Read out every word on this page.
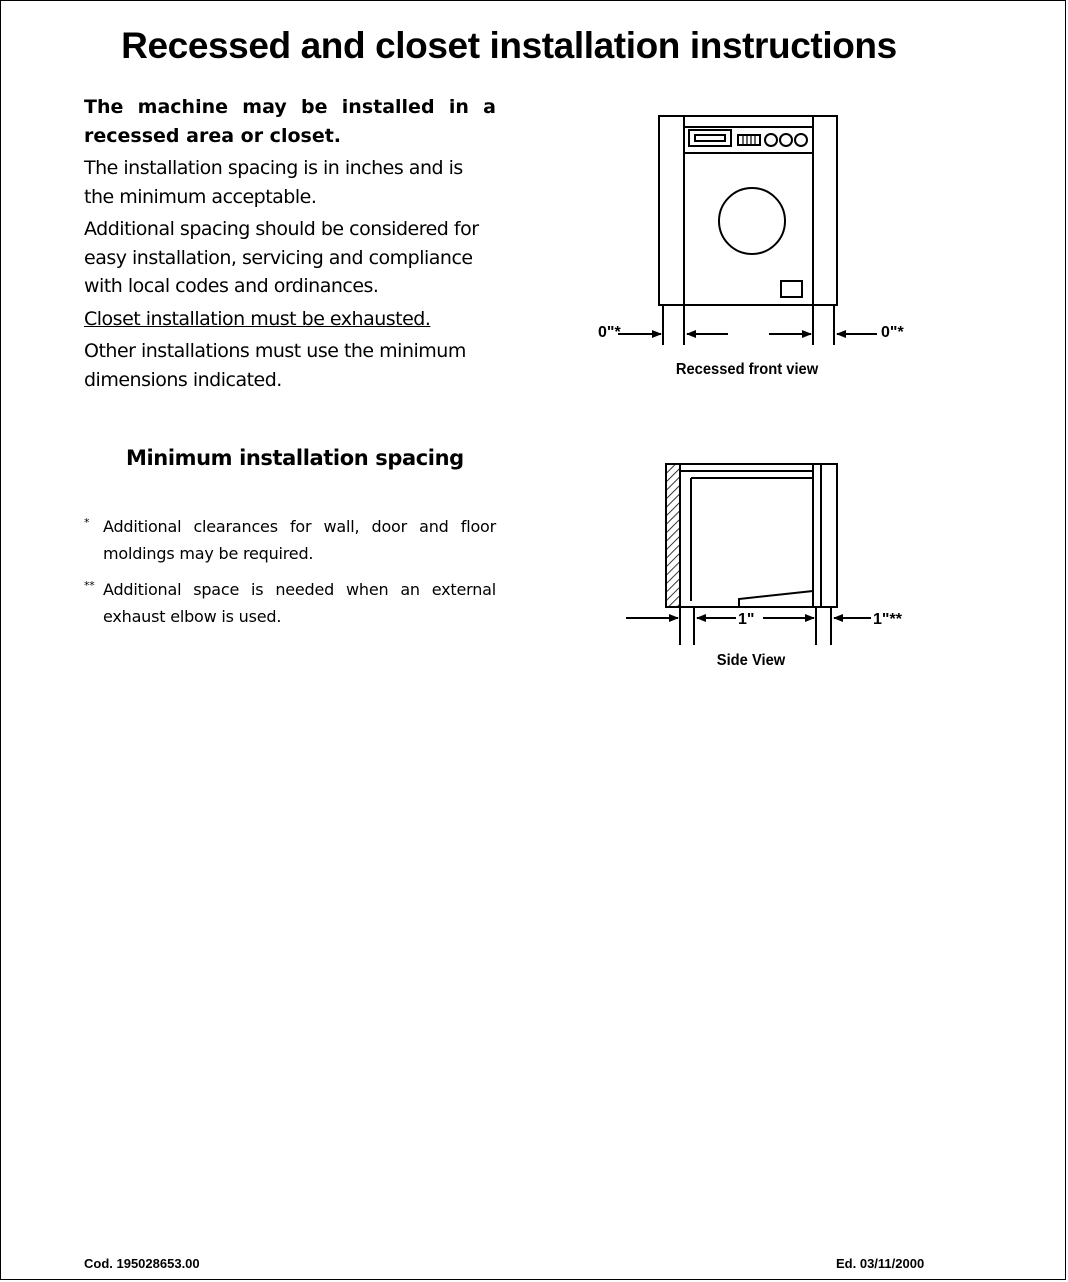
Recessed and closet installation instructions

The machine may be installed in a recessed area or closet.

The installation spacing is in inches and is the minimum acceptable.

Additional spacing should be considered for easy installation, servicing and compliance with local codes and ordinances.

Closet installation must be exhausted.

Other installations must use the minimum dimensions indicated.

Minimum installation spacing
* Additional clearances for wall, door and floor moldings may be required.
** Additional space is needed when an external exhaust elbow is used.
0"*	0"*
Recessed front view
1"	1"**
Side View
Cod. 195028653.00	Ed. 03/11/2000
